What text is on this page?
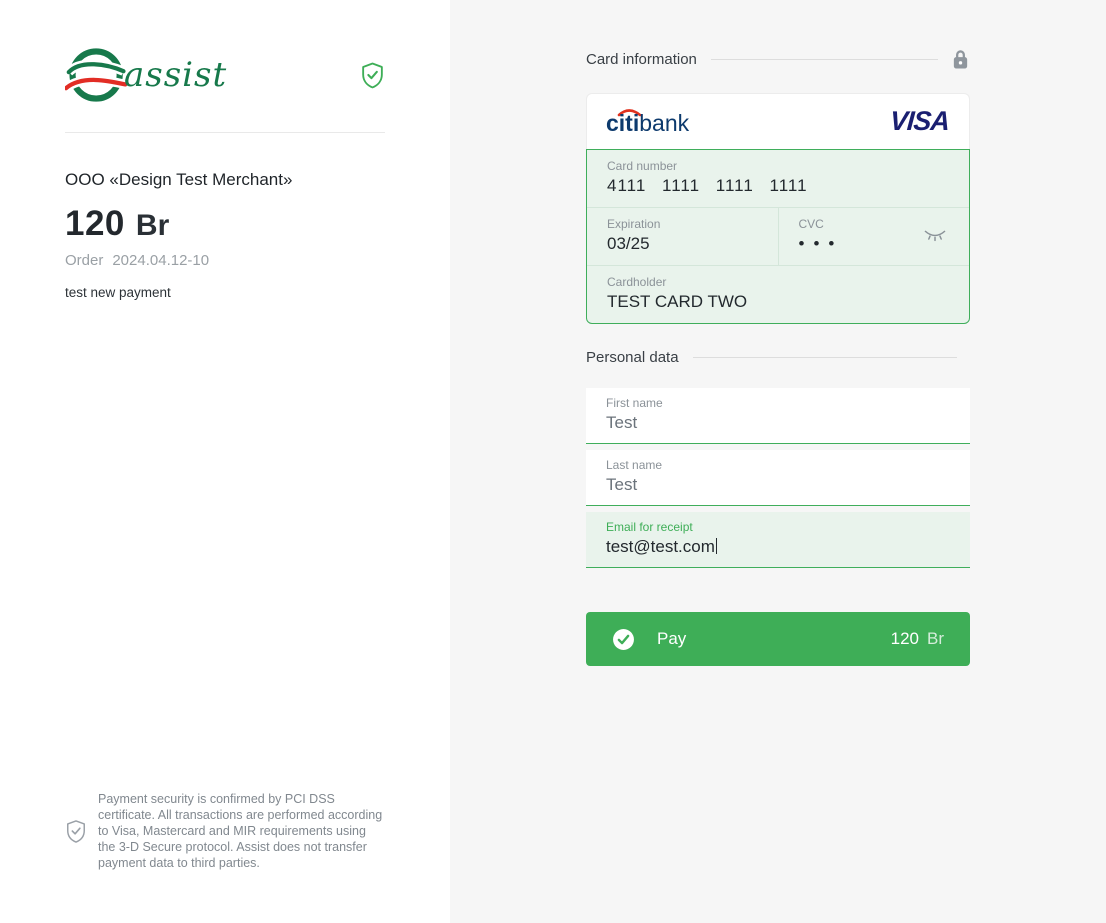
assist
OOO «Design Test Merchant»
120 Br
Order 2024.04.12-10
test new payment

Payment security is confirmed by PCI DSS certificate. All transactions are performed according to Visa, Mastercard and MIR requirements using the 3-D Secure protocol. Assist does not transfer payment data to third parties.

Card information
citibank	VISA
Card number
4111 1111 1111 1111
Expiration
03/25
CVC
•••
Cardholder
TEST CARD TWO
Personal data
First name
Test
Last name
Test
Email for receipt
test@test.com
Pay	120 Br
